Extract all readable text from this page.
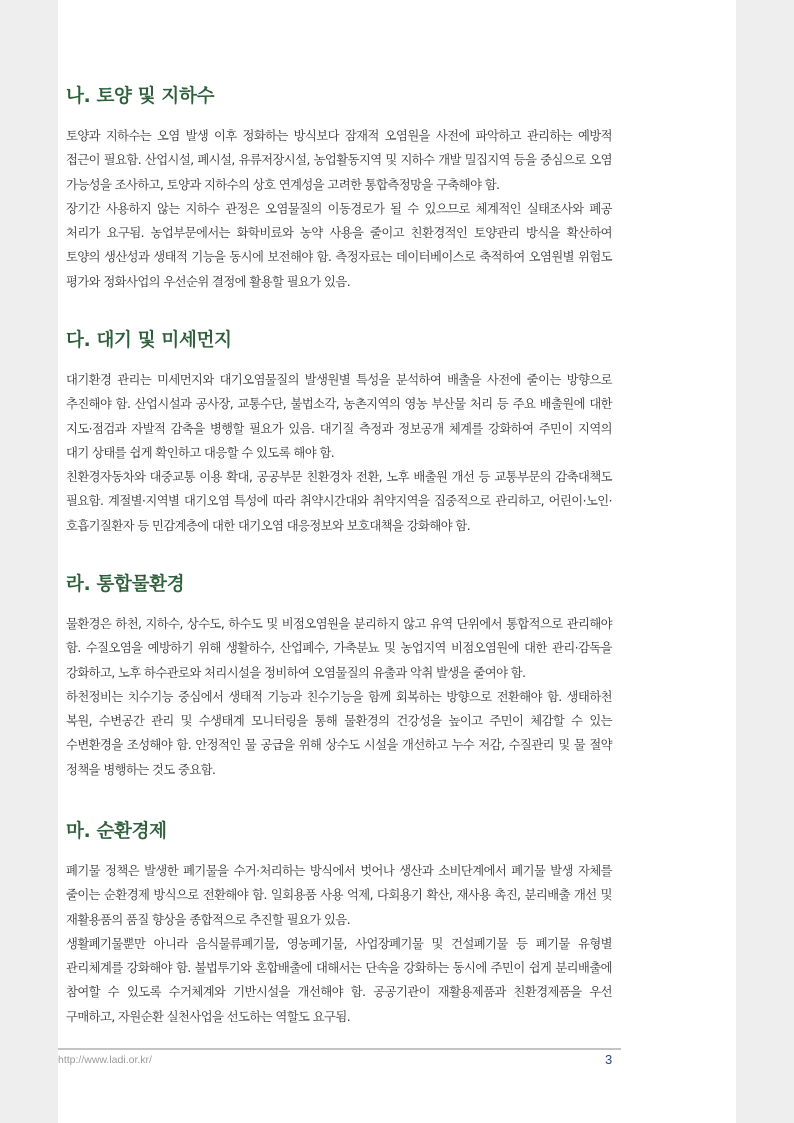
나. 토양 및 지하수

토양과 지하수는 오염 발생 이후 정화하는 방식보다 잠재적 오염원을 사전에 파악하고 관리하는 예방적 접근이 필요함. 산업시설, 폐시설, 유류저장시설, 농업활동지역 및 지하수 개발 밀집지역 등을 중심으로 오염 가능성을 조사하고, 토양과 지하수의 상호 연계성을 고려한 통합측정망을 구축해야 함.

장기간 사용하지 않는 지하수 관정은 오염물질의 이동경로가 될 수 있으므로 체계적인 실태조사와 폐공 처리가 요구됨. 농업부문에서는 화학비료와 농약 사용을 줄이고 친환경적인 토양관리 방식을 확산하여 토양의 생산성과 생태적 기능을 동시에 보전해야 함. 측정자료는 데이터베이스로 축적하여 오염원별 위험도 평가와 정화사업의 우선순위 결정에 활용할 필요가 있음.

다. 대기 및 미세먼지

대기환경 관리는 미세먼지와 대기오염물질의 발생원별 특성을 분석하여 배출을 사전에 줄이는 방향으로 추진해야 함. 산업시설과 공사장, 교통수단, 불법소각, 농촌지역의 영농 부산물 처리 등 주요 배출원에 대한 지도·점검과 자발적 감축을 병행할 필요가 있음. 대기질 측정과 정보공개 체계를 강화하여 주민이 지역의 대기 상태를 쉽게 확인하고 대응할 수 있도록 해야 함.

친환경자동차와 대중교통 이용 확대, 공공부문 친환경차 전환, 노후 배출원 개선 등 교통부문의 감축대책도 필요함. 계절별·지역별 대기오염 특성에 따라 취약시간대와 취약지역을 집중적으로 관리하고, 어린이·노인·호흡기질환자 등 민감계층에 대한 대기오염 대응정보와 보호대책을 강화해야 함.

라. 통합물환경

물환경은 하천, 지하수, 상수도, 하수도 및 비점오염원을 분리하지 않고 유역 단위에서 통합적으로 관리해야 함. 수질오염을 예방하기 위해 생활하수, 산업폐수, 가축분뇨 및 농업지역 비점오염원에 대한 관리·감독을 강화하고, 노후 하수관로와 처리시설을 정비하여 오염물질의 유출과 악취 발생을 줄여야 함.

하천정비는 치수기능 중심에서 생태적 기능과 친수기능을 함께 회복하는 방향으로 전환해야 함. 생태하천 복원, 수변공간 관리 및 수생태계 모니터링을 통해 물환경의 건강성을 높이고 주민이 체감할 수 있는 수변환경을 조성해야 함. 안정적인 물 공급을 위해 상수도 시설을 개선하고 누수 저감, 수질관리 및 물 절약 정책을 병행하는 것도 중요함.

마. 순환경제

폐기물 정책은 발생한 폐기물을 수거·처리하는 방식에서 벗어나 생산과 소비단계에서 폐기물 발생 자체를 줄이는 순환경제 방식으로 전환해야 함. 일회용품 사용 억제, 다회용기 확산, 재사용 촉진, 분리배출 개선 및 재활용품의 품질 향상을 종합적으로 추진할 필요가 있음.

생활폐기물뿐만 아니라 음식물류폐기물, 영농폐기물, 사업장폐기물 및 건설폐기물 등 폐기물 유형별 관리체계를 강화해야 함. 불법투기와 혼합배출에 대해서는 단속을 강화하는 동시에 주민이 쉽게 분리배출에 참여할 수 있도록 수거체계와 기반시설을 개선해야 함. 공공기관이 재활용제품과 친환경제품을 우선 구매하고, 자원순환 실천사업을 선도하는 역할도 요구됨.

http://www.ladi.or.kr/	3
